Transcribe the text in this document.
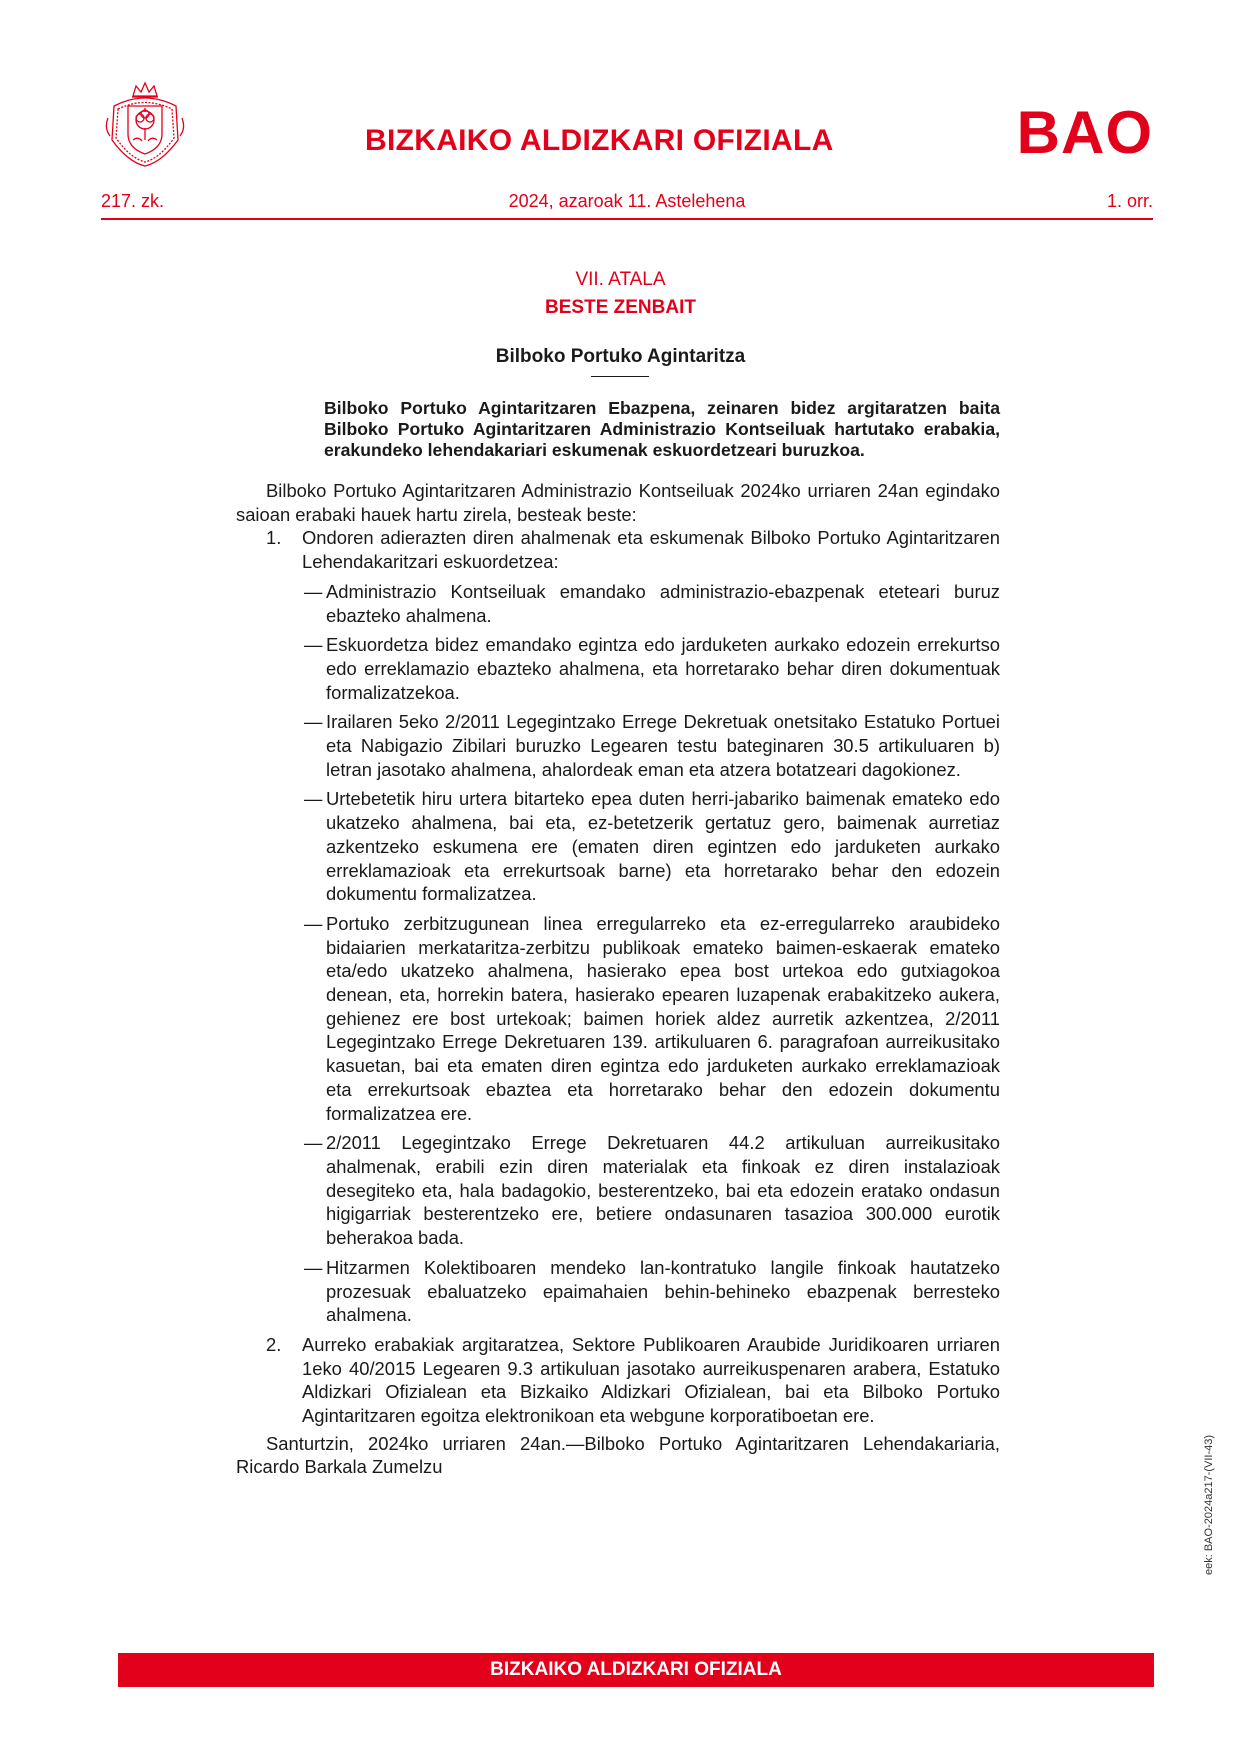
BIZKAIKO ALDIZKARI OFIZIALA	BAO
217. zk.	2024, azaroak 11. Astelehena	1. orr.
VII. ATALA
BESTE ZENBAIT
Bilboko Portuko Agintaritza

Bilboko Portuko Agintaritzaren Ebazpena, zeinaren bidez argitaratzen baita Bilboko Portuko Agintaritzaren Administrazio Kontseiluak hartutako erabakia, erakundeko lehendakariari eskumenak eskuordetzeari buruzkoa.

Bilboko Portuko Agintaritzaren Administrazio Kontseiluak 2024ko urriaren 24an egindako saioan erabaki hauek hartu zirela, besteak beste:

1. Ondoren adierazten diren ahalmenak eta eskumenak Bilboko Portuko Agintaritzaren Lehendakaritzari eskuordetzea:

— Administrazio Kontseiluak emandako administrazio-ebazpenak eteteari buruz ebazteko ahalmena.

— Eskuordetza bidez emandako egintza edo jarduketen aurkako edozein errekurtso edo erreklamazio ebazteko ahalmena, eta horretarako behar diren dokumentuak formalizatzekoa.

— Irailaren 5eko 2/2011 Legegintzako Errege Dekretuak onetsitako Estatuko Portuei eta Nabigazio Zibilari buruzko Legearen testu bateginaren 30.5 artikuluaren b) letran jasotako ahalmena, ahalordeak eman eta atzera botatzeari dagokionez.

— Urtebetetik hiru urtera bitarteko epea duten herri-jabariko baimenak emateko edo ukatzeko ahalmena, bai eta, ez-betetzerik gertatuz gero, baimenak aurretiaz azkentzeko eskumena ere (ematen diren egintzen edo jarduketen aurkako erreklamazioak eta errekurtsoak barne) eta horretarako behar den edozein dokumentu formalizatzea.

— Portuko zerbitzugunean linea erregularreko eta ez-erregularreko araubideko bidaiarien merkataritza-zerbitzu publikoak emateko baimen-eskaerak emateko eta/edo ukatzeko ahalmena, hasierako epea bost urtekoa edo gutxiagokoa denean, eta, horrekin batera, hasierako epearen luzapenak erabakitzeko aukera, gehienez ere bost urtekoak; baimen horiek aldez aurretik azkentzea, 2/2011 Legegintzako Errege Dekretuaren 139. artikuluaren 6. paragrafoan aurreikusitako kasuetan, bai eta ematen diren egintza edo jarduketen aurkako erreklamazioak eta errekurtsoak ebaztea eta horretarako behar den edozein dokumentu formalizatzea ere.

— 2/2011 Legegintzako Errege Dekretuaren 44.2 artikuluan aurreikusitako ahalmenak, erabili ezin diren materialak eta finkoak ez diren instalazioak desegiteko eta, hala badagokio, besterentzeko, bai eta edozein eratako ondasun higigarriak besterentzeko ere, betiere ondasunaren tasazioa 300.000 eurotik beherakoa bada.

— Hitzarmen Kolektiboaren mendeko lan-kontratuko langile finkoak hautatzeko prozesuak ebaluatzeko epaimahaien behin-behineko ebazpenak berresteko ahalmena.

2. Aurreko erabakiak argitaratzea, Sektore Publikoaren Araubide Juridikoaren urriaren 1eko 40/2015 Legearen 9.3 artikuluan jasotako aurreikuspenaren arabera, Estatuko Aldizkari Ofizialean eta Bizkaiko Aldizkari Ofizialean, bai eta Bilboko Portuko Agintaritzaren egoitza elektronikoan eta webgune korporatiboetan ere.

Santurtzin, 2024ko urriaren 24an.—Bilboko Portuko Agintaritzaren Lehendakariaria, Ricardo Barkala Zumelzu	eek: BAO-2024a217-(VII-43)
BIZKAIKO ALDIZKARI OFIZIALA
